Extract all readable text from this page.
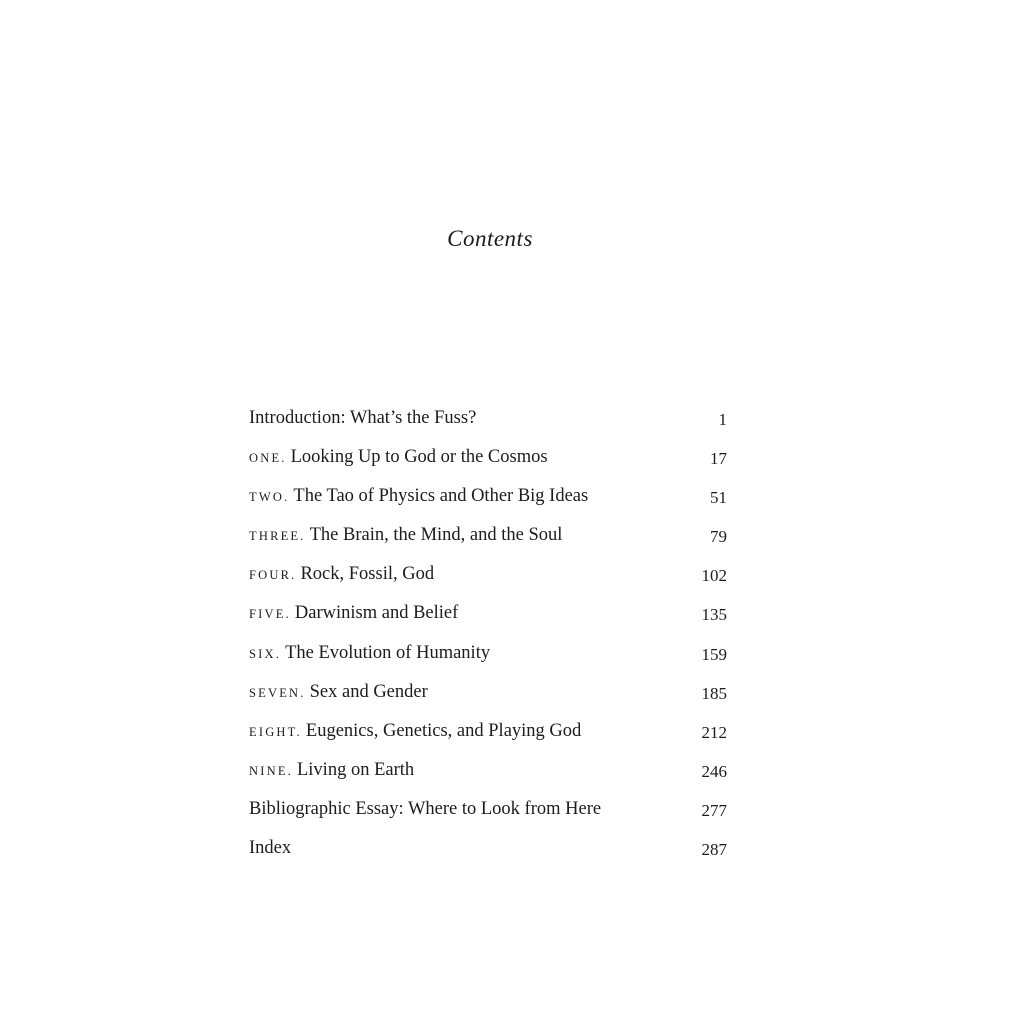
Contents
Introduction: What’s the Fuss?	1
ONE. Looking Up to God or the Cosmos	17
TWO. The Tao of Physics and Other Big Ideas	51
THREE. The Brain, the Mind, and the Soul	79
FOUR. Rock, Fossil, God	102
FIVE. Darwinism and Belief	135
SIX. The Evolution of Humanity	159
SEVEN. Sex and Gender	185
EIGHT. Eugenics, Genetics, and Playing God	212
NINE. Living on Earth	246
Bibliographic Essay: Where to Look from Here	277
Index	287
